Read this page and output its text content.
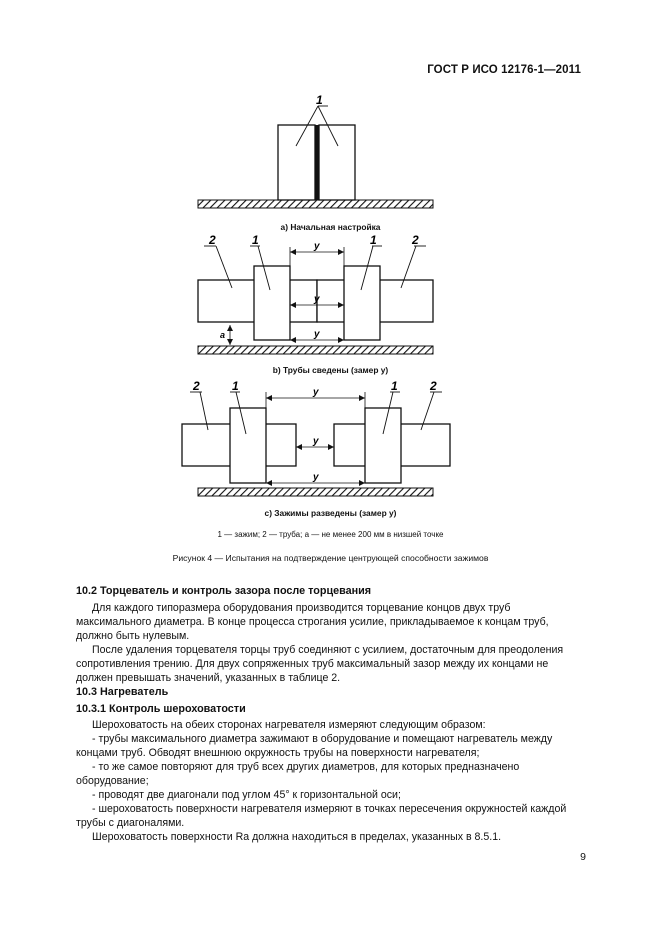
ГОСТ Р ИСО 12176-1—2011
1
y
y
y
a
2	1	1	2
y
y
y
2	1	1	2
a) Начальная настройка
b) Трубы сведены (замер y)
c) Зажимы разведены (замер y)
1 — зажим; 2 — труба; a — не менее 200 мм в низшей точке
Рисунок 4 — Испытания на подтверждение центрующей способности зажимов
10.2 Торцеватель и контроль зазора после торцевания

Для каждого типоразмера оборудования производится торцевание концов двух труб максимального диаметра. В конце процесса строгания усилие, прикладываемое к концам труб, должно быть нулевым.

После удаления торцевателя торцы труб соединяют с усилием, достаточным для преодоления сопротивления трению. Для двух сопряженных труб максимальный зазор между их концами не должен превышать значений, указанных в таблице 2.

10.3 Нагреватель
10.3.1 Контроль шероховатости

Шероховатость на обеих сторонах нагревателя измеряют следующим образом:

- трубы максимального диаметра зажимают в оборудование и помещают нагреватель между концами труб. Обводят внешнюю окружность трубы на поверхности нагревателя;

- то же самое повторяют для труб всех других диаметров, для которых предназначено оборудование;

- проводят две диагонали под углом 45° к горизонтальной оси;

- шероховатость поверхности нагревателя измеряют в точках пересечения окружностей каждой трубы с диагоналями.

Шероховатость поверхности Ra должна находиться в пределах, указанных в 8.5.1.

9
